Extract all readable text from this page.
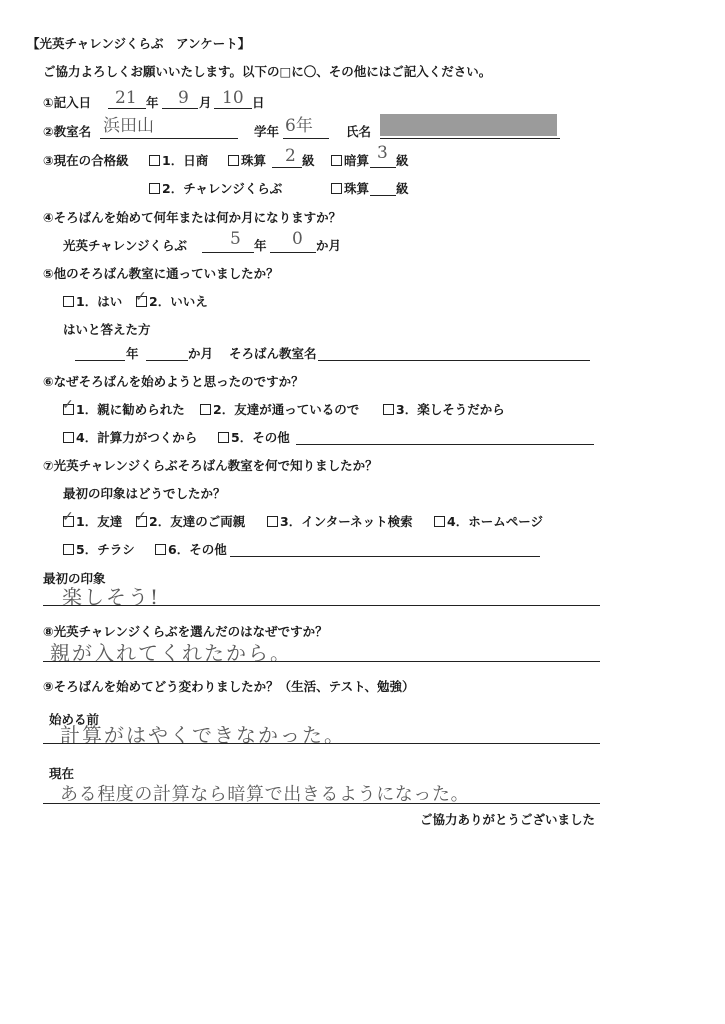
【光英チャレンジくらぶ　アンケート】
ご協力よろしくお願いいたします。以下の□に〇、その他にはご記入ください。
①記入日 21 年 9 月 10 日
②教室名 浜田山	学年 6年	氏名
③現在の合格級	1．日商	珠算 2 級	暗算 3 級
2．チャレンジくらぶ	珠算 級
④そろばんを始めて何年または何か月になりますか？
光英チャレンジくらぶ	5 年 0 か月
⑤他のそろばん教室に通っていましたか？
1．はい ✓ 2．いいえ
はいと答えた方
年	か月 そろばん教室名
⑥なぜそろばんを始めようと思ったのですか？
✓ 1．親に勧められた	2．友達が通っているので	3．楽しそうだから
4．計算力がつくから	5．その他
⑦光英チャレンジくらぶそろばん教室を何で知りましたか？
最初の印象はどうでしたか？
✓ 1．友達 ✓ 2．友達のご両親	3．インターネット検索	4．ホームページ
5．チラシ	6．その他
最初の印象
楽しそう!
⑧光英チャレンジくらぶを選んだのはなぜですか？
親が入れてくれたから。
⑨そろばんを始めてどう変わりましたか？（生活、テスト、勉強）
始める前
計算がはやくできなかった。
現在
ある程度の計算なら暗算で出きるようになった。
ご協力ありがとうございました
